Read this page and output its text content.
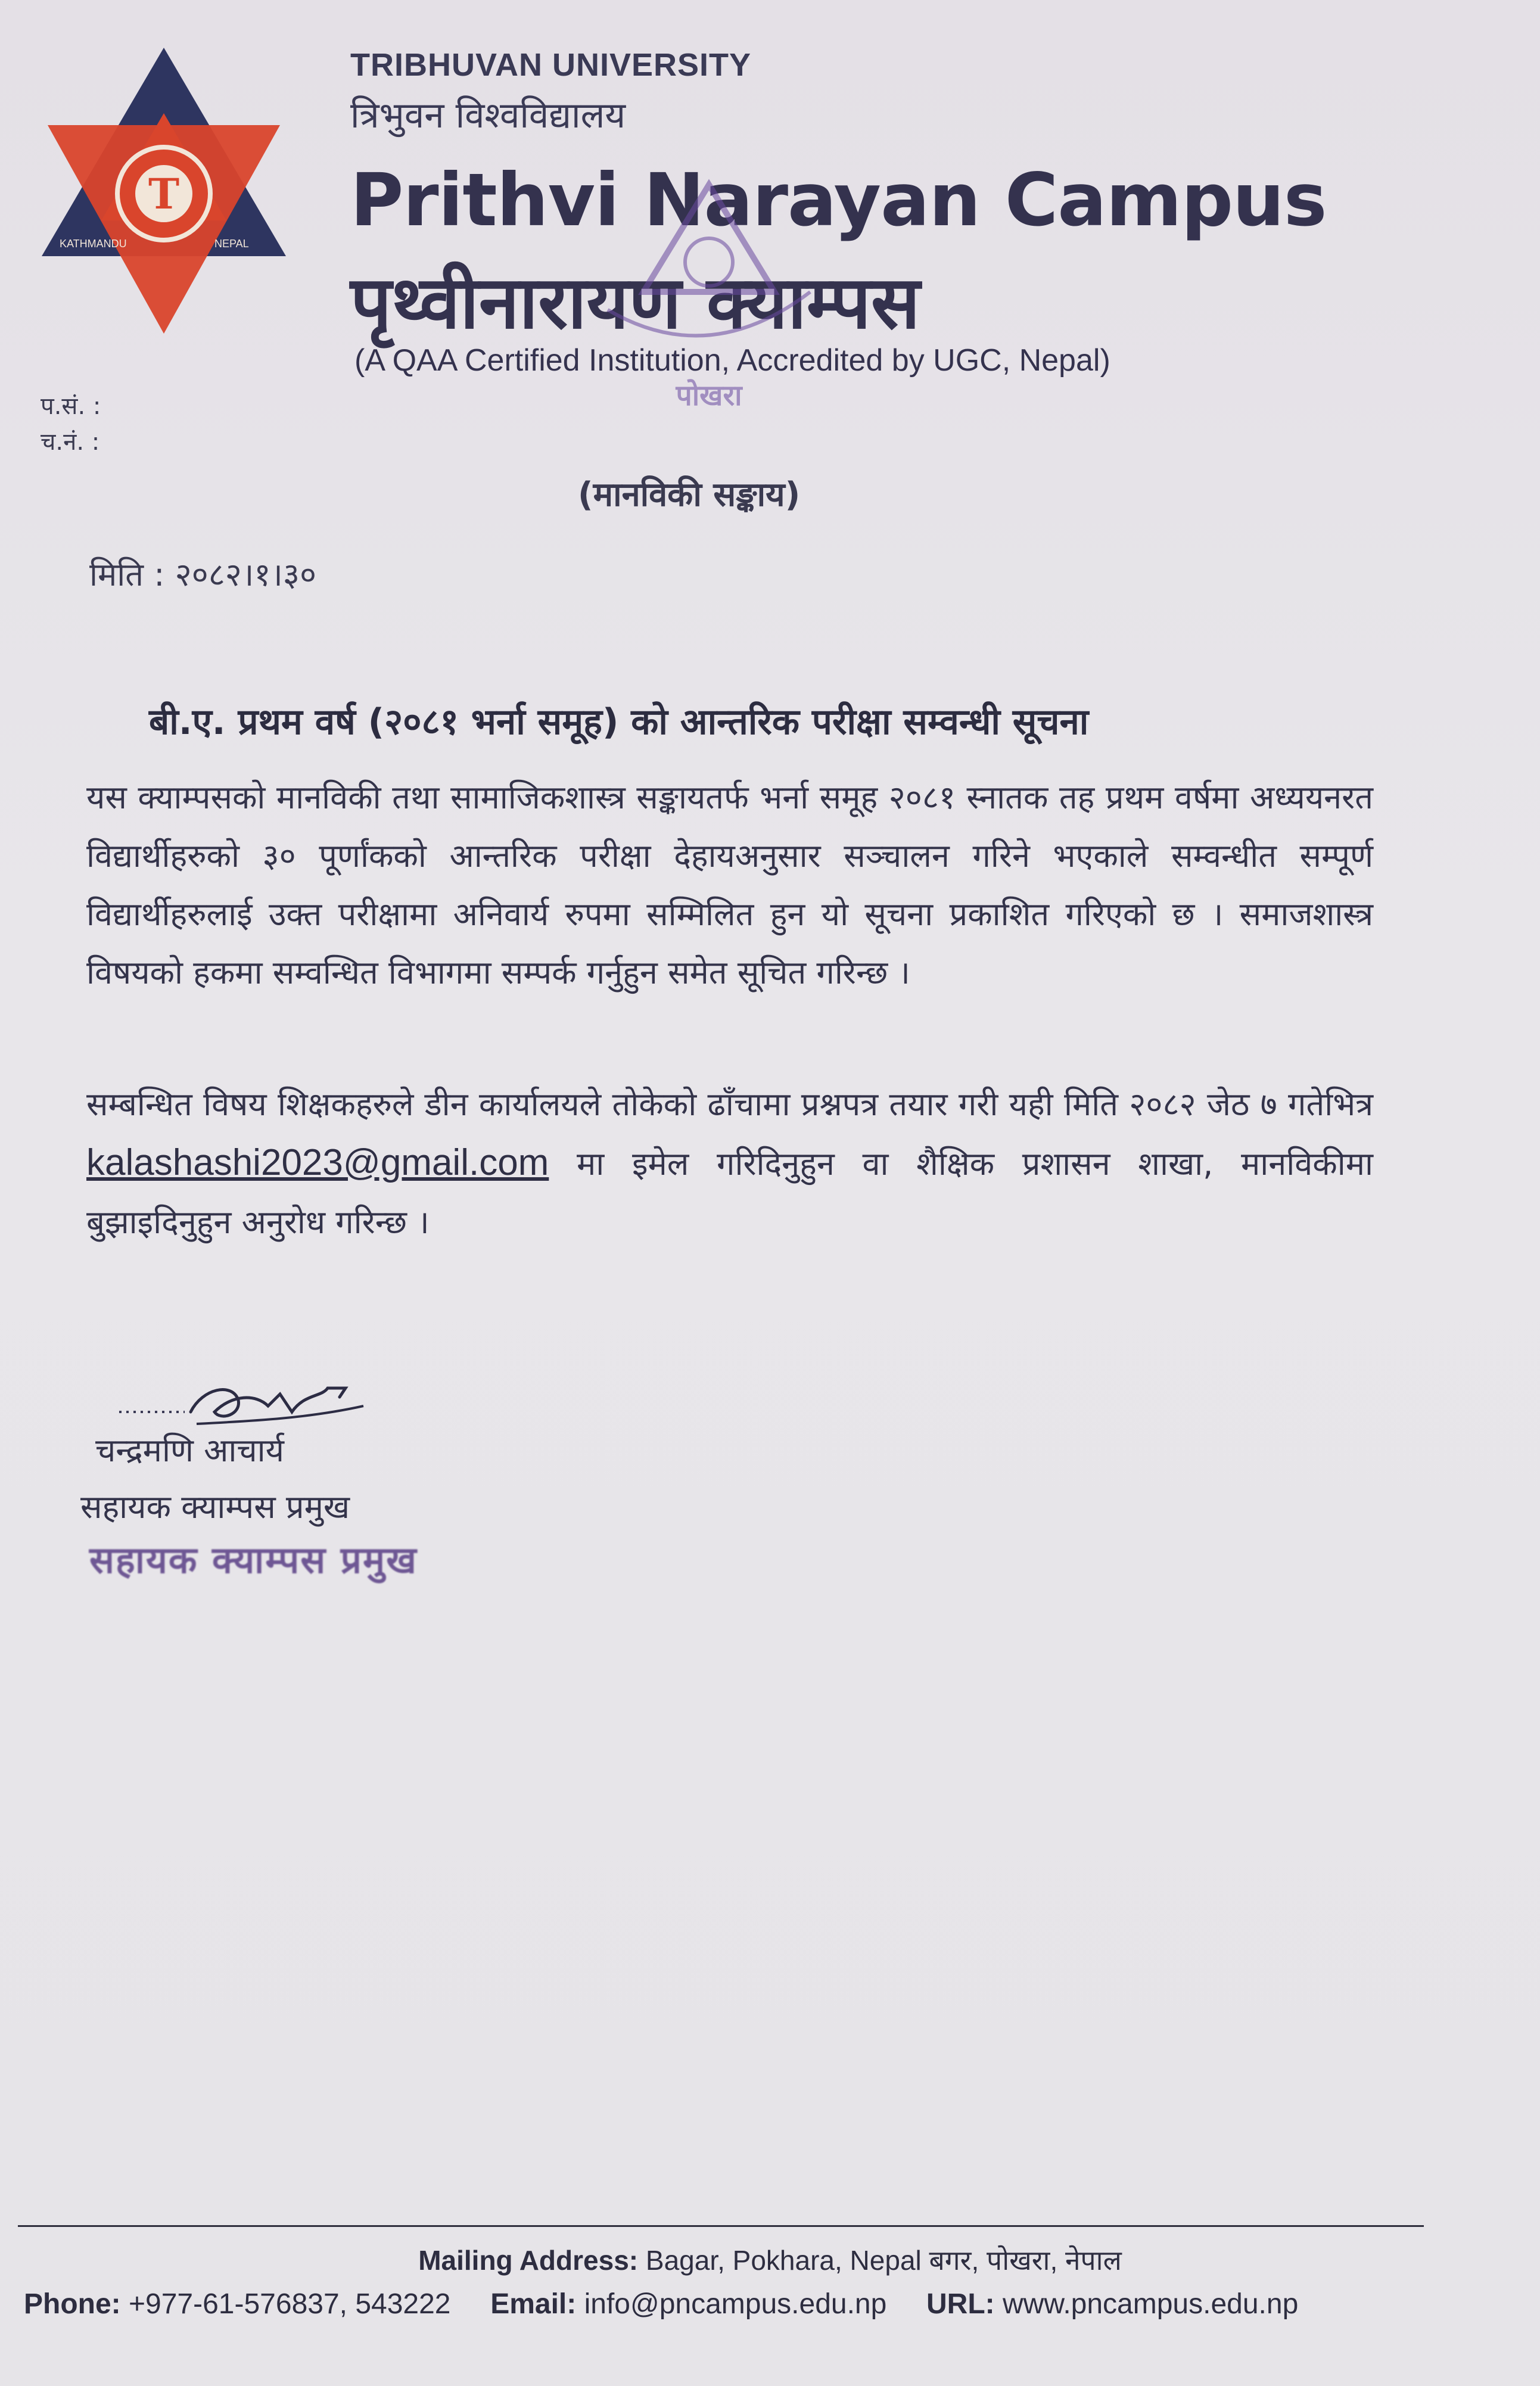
T
KATHMANDU	NEPAL
TRIBHUVAN UNIVERSITY
त्रिभुवन विश्वविद्यालय
Prithvi Narayan Campus
पृथ्वीनारायण क्याम्पस
(A QAA Certified Institution, Accredited by UGC, Nepal)
पोखरा
प.सं. :
च.नं. :
(मानविकी सङ्काय)
मिति : २०८२।१।३०
बी.ए. प्रथम वर्ष (२०८१ भर्ना समूह) को आन्तरिक परीक्षा सम्वन्धी सूचना
यस क्याम्पसको मानविकी तथा सामाजिकशास्त्र सङ्कायतर्फ भर्ना समूह २०८१ स्नातक तह प्रथम वर्षमा अध्ययनरत विद्यार्थीहरुको ३० पूर्णांकको आन्तरिक परीक्षा देहायअनुसार सञ्चालन गरिने भएकाले सम्वन्धीत सम्पूर्ण विद्यार्थीहरुलाई उक्त परीक्षामा अनिवार्य रुपमा सम्मिलित हुन यो सूचना प्रकाशित गरिएको छ । समाजशास्त्र विषयको हकमा सम्वन्धित विभागमा सम्पर्क गर्नुहुन समेत सूचित गरिन्छ ।
सम्बन्धित विषय शिक्षकहरुले डीन कार्यालयले तोकेको ढाँचामा प्रश्नपत्र तयार गरी यही मिति २०८२ जेठ ७ गतेभित्र kalashashi2023@gmail.com मा इमेल गरिदिनुहुन वा शैक्षिक प्रशासन शाखा, मानविकीमा बुझाइदिनुहुन अनुरोध गरिन्छ ।
चन्द्रमणि आचार्य
सहायक क्याम्पस प्रमुख
सहायक क्याम्पस प्रमुख
Mailing Address: Bagar, Pokhara, Nepal बगर, पोखरा, नेपाल
Phone: +977-61-576837, 543222 Email: info@pncampus.edu.np URL: www.pncampus.edu.np
